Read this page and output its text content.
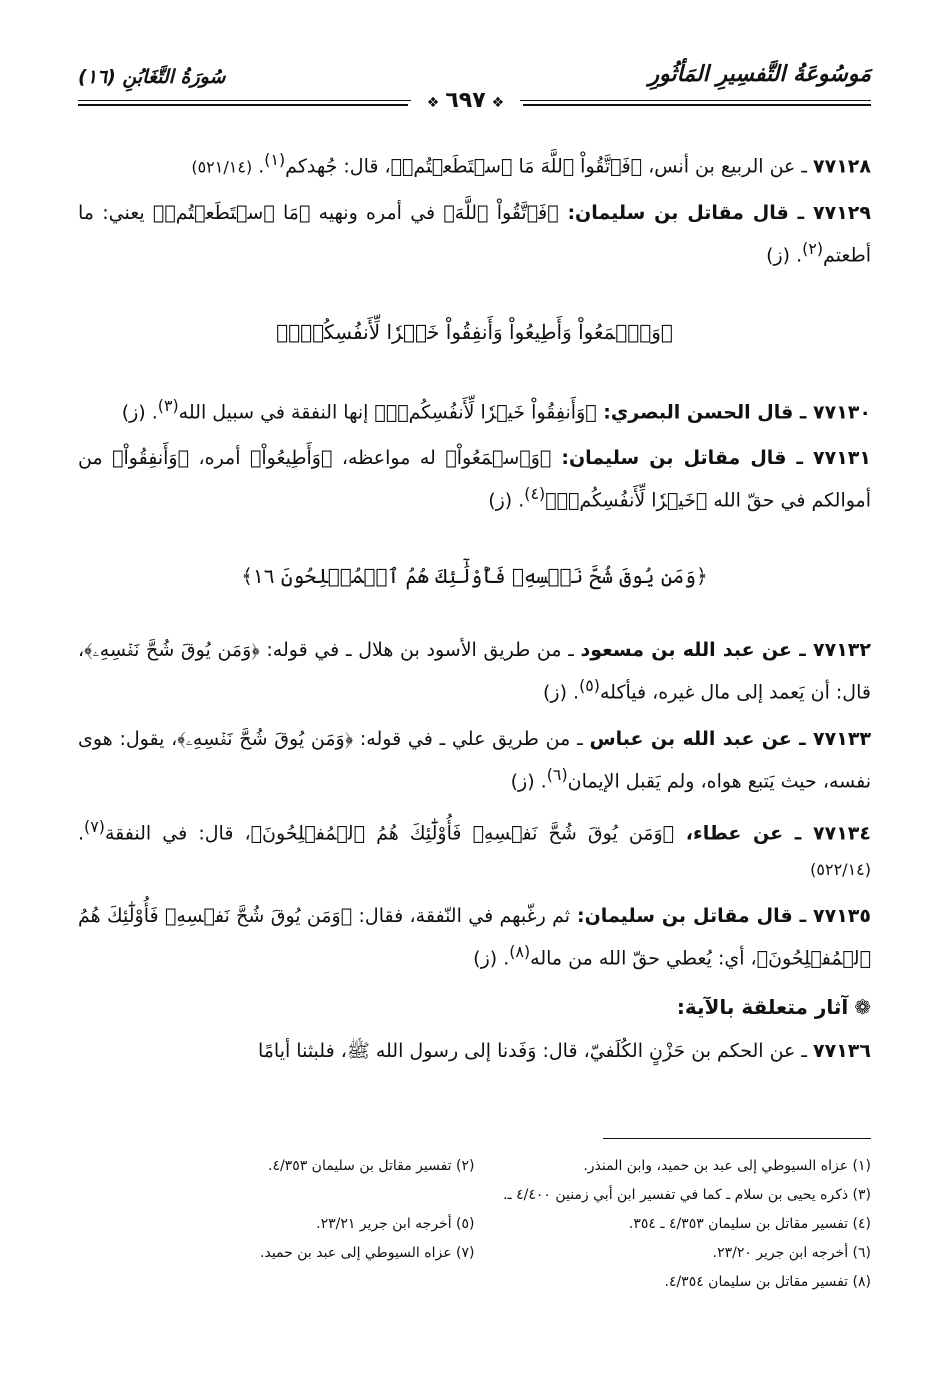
مَوسُوعَةُ التَّفسِيرِ المَأثُورِ
سُورَةُ التَّغَابُنِ (١٦)
❖٦٩٧❖

٧٧١٢٨ ـ عن الربيع بن أنس، ﴿فَٱتَّقُواْ ٱللَّهَ مَا ٱسۡتَطَعۡتُمۡ﴾، قال: جُهدكم$^{(١)}$. (٥٢١/١٤)

٧٧١٢٩ ـ قال مقاتل بن سليمان: ﴿فَٱتَّقُواْ ٱللَّهَ﴾ في أمره ونهيه ﴿مَا ٱسۡتَطَعۡتُمۡ﴾ يعني: ما أطعتم$^{(٢)}$. (ز)

﴿وَٱسۡمَعُواْ وَأَطِيعُواْ وَأَنفِقُواْ خَيۡرٗا لِّأَنفُسِكُمۡۗ﴾

٧٧١٣٠ ـ قال الحسن البصري: ﴿وَأَنفِقُواْ خَيۡرٗا لِّأَنفُسِكُمۡۗ﴾ إنها النفقة في سبيل الله$^{(٣)}$. (ز)

٧٧١٣١ ـ قال مقاتل بن سليمان: ﴿وَٱسۡمَعُواْ﴾ له مواعظه، ﴿وَأَطِيعُواْ﴾ أمره، ﴿وَأَنفِقُواْ﴾ من أموالكم في حقّ الله ﴿خَيۡرٗا لِّأَنفُسِكُمۡۗ﴾$^{(٤)}$. (ز)

﴿وَمَن يُوقَ شُحَّ نَفۡسِهِۦ فَأُوْلَٰٓئِكَ هُمُ ٱلۡمُفۡلِحُونَ ١٦﴾

٧٧١٣٢ ـ عن عبد الله بن مسعود ـ من طريق الأسود بن هلال ـ في قوله: ﴿وَمَن يُوقَ شُحَّ نَفۡسِهِۦ﴾، قال: أن يَعمد إلى مال غيره، فيأكله$^{(٥)}$. (ز)

٧٧١٣٣ ـ عن عبد الله بن عباس ـ من طريق علي ـ في قوله: ﴿وَمَن يُوقَ شُحَّ نَفۡسِهِۦ﴾، يقول: هوى نفسه، حيث يَتبع هواه، ولم يَقبل الإيمان$^{(٦)}$. (ز)

٧٧١٣٤ ـ عن عطاء، ﴿وَمَن يُوقَ شُحَّ نَفۡسِهِۦ فَأُوْلَٰٓئِكَ هُمُ ٱلۡمُفۡلِحُونَ﴾، قال: في النفقة$^{(٧)}$. (٥٢٢/١٤)

٧٧١٣٥ ـ قال مقاتل بن سليمان: ثم رغّبهم في النّفقة، فقال: ﴿وَمَن يُوقَ شُحَّ نَفۡسِهِۦ فَأُوْلَٰٓئِكَ هُمُ ٱلۡمُفۡلِحُونَ﴾، أي: يُعطي حقّ الله من ماله$^{(٨)}$. (ز)

❁آثار متعلقة بالآية:

٧٧١٣٦ ـ عن الحكم بن حَزْنٍ الكُلَفيّ، قال: وَفَدنا إلى رسول الله ﷺ، فلبثنا أيامًا

(١) عزاه السيوطي إلى عبد بن حميد، وابن المنذر.
(٢) تفسير مقاتل بن سليمان ٤/٣٥٣.
(٣) ذكره يحيى بن سلام ـ كما في تفسير ابن أبي زمنين ٤/٤٠٠ ـ.
(٤) تفسير مقاتل بن سليمان ٤/٣٥٣ ـ ٣٥٤.
(٥) أخرجه ابن جرير ٢٣/٢١.
(٦) أخرجه ابن جرير ٢٣/٢٠.
(٧) عزاه السيوطي إلى عبد بن حميد.
(٨) تفسير مقاتل بن سليمان ٤/٣٥٤.
